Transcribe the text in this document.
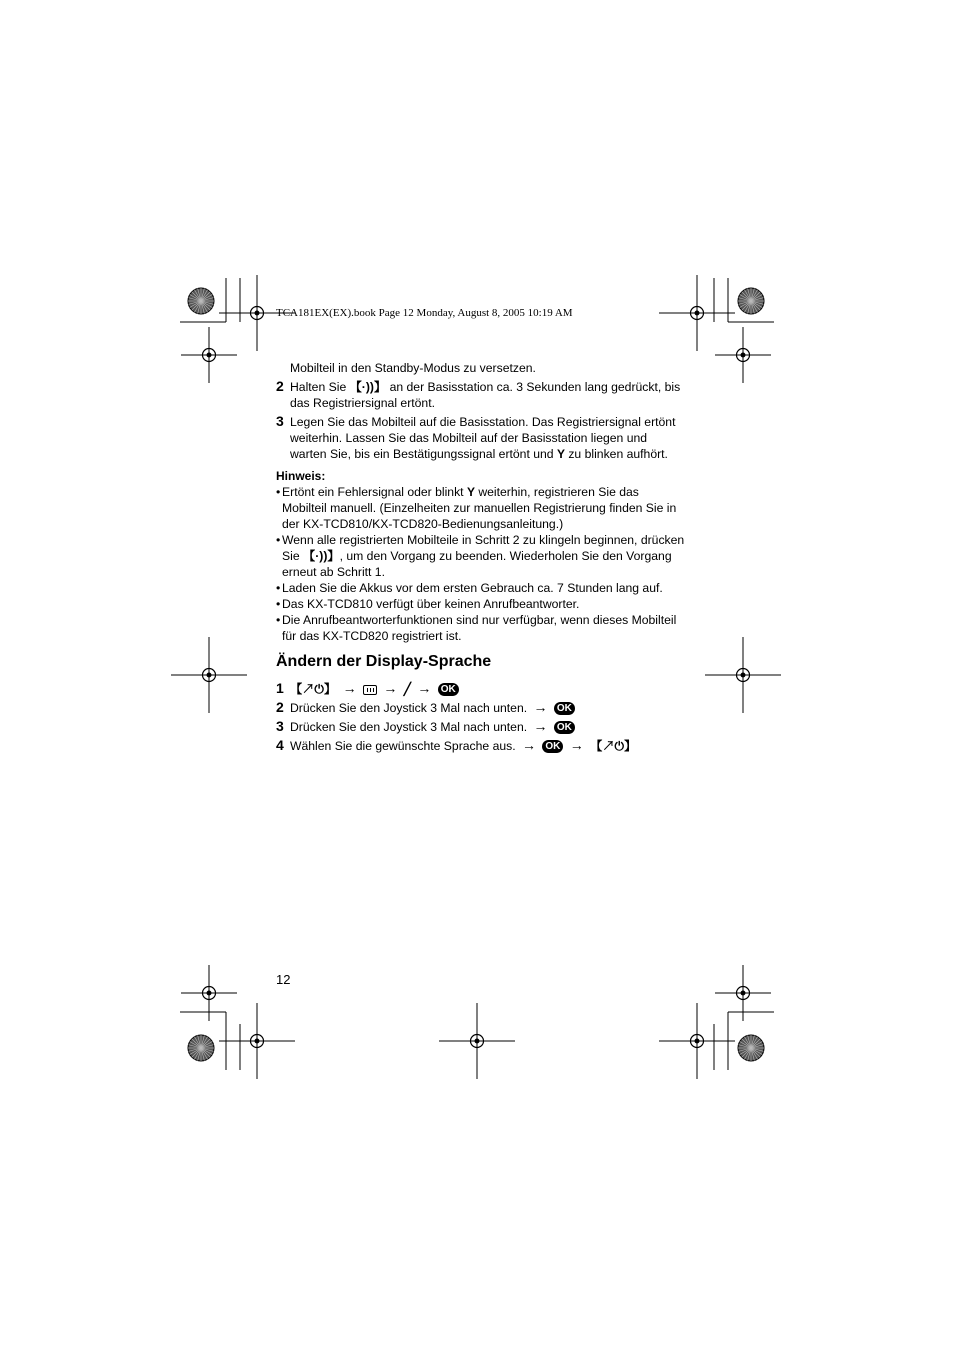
TCA181EX(EX).book Page 12 Monday, August 8, 2005 10:19 AM
Mobilteil in den Standby-Modus zu versetzen.
2 Halten Sie 【·))】 an der Basisstation ca. 3 Sekunden lang gedrückt, bis das Registriersignal ertönt.
3 Legen Sie das Mobilteil auf die Basisstation. Das Registriersignal ertönt weiterhin. Lassen Sie das Mobilteil auf der Basisstation liegen und warten Sie, bis ein Bestätigungssignal ertönt und Y zu blinken aufhört.
Hinweis:
• Ertönt ein Fehlersignal oder blinkt Y weiterhin, registrieren Sie das Mobilteil manuell. (Einzelheiten zur manuellen Registrierung finden Sie in der KX-TCD810/KX-TCD820-Bedienungsanleitung.)
• Wenn alle registrierten Mobilteile in Schritt 2 zu klingeln beginnen, drücken Sie 【·))】, um den Vorgang zu beenden. Wiederholen Sie den Vorgang erneut ab Schritt 1.
• Laden Sie die Akkus vor dem ersten Gebrauch ca. 7 Stunden lang auf.
• Das KX-TCD810 verfügt über keinen Anrufbeantworter.
• Die Anrufbeantworterfunktionen sind nur verfügbar, wenn dieses Mobilteil für das KX-TCD820 registriert ist.
Ändern der Display-Sprache
1 【↗⏻】 → → ╱ → OK
2 Drücken Sie den Joystick 3 Mal nach unten. → OK
3 Drücken Sie den Joystick 3 Mal nach unten. → OK
4 Wählen Sie die gewünschte Sprache aus. → OK → 【↗⏻】
12
